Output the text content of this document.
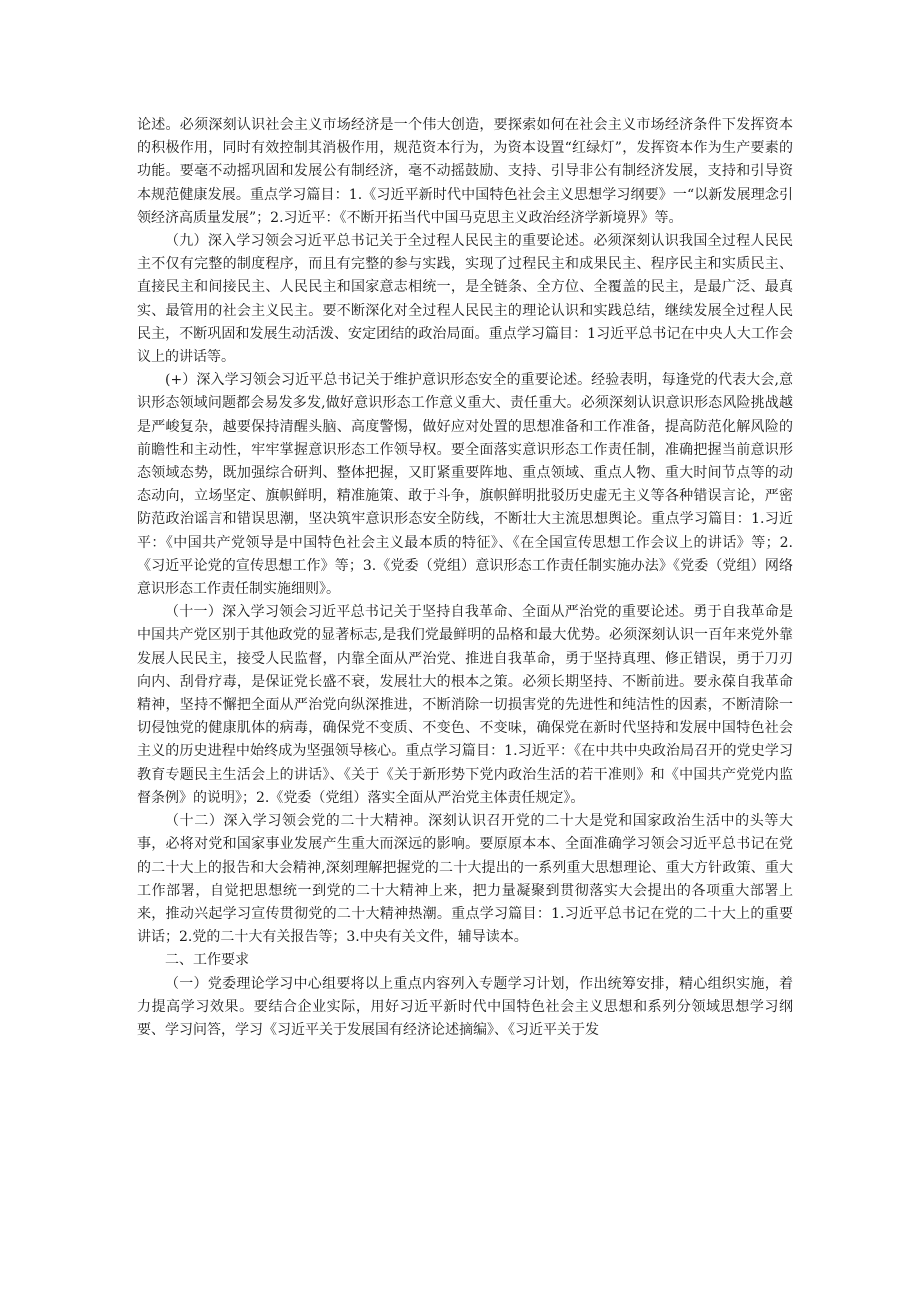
论述。必须深刻认识社会主义市场经济是一个伟大创造，要探索如何在社会主义市场经济条件下发挥资本的积极作用，同时有效控制其消极作用，规范资本行为，为资本设置“红绿灯”，发挥资本作为生产要素的功能。要毫不动摇巩固和发展公有制经济，毫不动摇鼓励、支持、引导非公有制经济发展，支持和引导资本规范健康发展。重点学习篇目：1.《习近平新时代中国特色社会主义思想学习纲要》一“以新发展理念引领经济高质量发展”；2.习近平：《不断开拓当代中国马克思主义政治经济学新境界》等。

（九）深入学习领会习近平总书记关于全过程人民民主的重要论述。必须深刻认识我国全过程人民民主不仅有完整的制度程序，而且有完整的参与实践，实现了过程民主和成果民主、程序民主和实质民主、直接民主和间接民主、人民民主和国家意志相统一，是全链条、全方位、全覆盖的民主，是最广泛、最真实、最管用的社会主义民主。要不断深化对全过程人民民主的理论认识和实践总结，继续发展全过程人民民主，不断巩固和发展生动活泼、安定团结的政治局面。重点学习篇目：1习近平总书记在中央人大工作会议上的讲话等。

(+）深入学习领会习近平总书记关于维护意识形态安全的重要论述。经验表明，每逢党的代表大会,意识形态领域问题都会易发多发,做好意识形态工作意义重大、责任重大。必须深刻认识意识形态风险挑战越是严峻复杂，越要保持清醒头脑、高度警惕，做好应对处置的思想准备和工作准备，提高防范化解风险的前瞻性和主动性，牢牢掌握意识形态工作领导权。要全面落实意识形态工作责任制，准确把握当前意识形态领域态势，既加强综合研判、整体把握，又盯紧重要阵地、重点领域、重点人物、重大时间节点等的动态动向，立场坚定、旗帜鲜明，精准施策、敢于斗争，旗帜鲜明批驳历史虚无主义等各种错误言论，严密防范政治谣言和错误思潮，坚决筑牢意识形态安全防线，不断壮大主流思想舆论。重点学习篇目：1.习近平：《中国共产党领导是中国特色社会主义最本质的特征》、《在全国宣传思想工作会议上的讲话》等；2.《习近平论党的宣传思想工作》等；3.《党委（党组）意识形态工作责任制实施办法》《党委（党组）网络意识形态工作责任制实施细则》。

（十一）深入学习领会习近平总书记关于坚持自我革命、全面从严治党的重要论述。勇于自我革命是中国共产党区别于其他政党的显著标志,是我们党最鲜明的品格和最大优势。必须深刻认识一百年来党外靠发展人民民主，接受人民监督，内靠全面从严治党、推进自我革命，勇于坚持真理、修正错误，勇于刀刃向内、刮骨疗毒，是保证党长盛不衰，发展壮大的根本之策。必须长期坚持、不断前进。要永葆自我革命精神，坚持不懈把全面从严治党向纵深推进，不断消除一切损害党的先进性和纯洁性的因素，不断清除一切侵蚀党的健康肌体的病毒，确保党不变质、不变色、不变味，确保党在新时代坚持和发展中国特色社会主义的历史进程中始终成为坚强领导核心。重点学习篇目：1.习近平：《在中共中央政治局召开的党史学习教育专题民主生活会上的讲话》、《关于《关于新形势下党内政治生活的若干准则》和《中国共产党党内监督条例》的说明》；2.《党委（党组）落实全面从严治党主体责任规定》。

（十二）深入学习领会党的二十大精神。深刻认识召开党的二十大是党和国家政治生活中的头等大事，必将对党和国家事业发展产生重大而深远的影响。要原原本本、全面准确学习领会习近平总书记在党的二十大上的报告和大会精神,深刻理解把握党的二十大提出的一系列重大思想理论、重大方针政策、重大工作部署，自觉把思想统一到党的二十大精神上来，把力量凝聚到贯彻落实大会提出的各项重大部署上来，推动兴起学习宣传贯彻党的二十大精神热潮。重点学习篇目：1.习近平总书记在党的二十大上的重要讲话；2.党的二十大有关报告等；3.中央有关文件，辅导读本。

二、工作要求

（一）党委理论学习中心组要将以上重点内容列入专题学习计划，作出统筹安排，精心组织实施，着力提高学习效果。要结合企业实际，用好习近平新时代中国特色社会主义思想和系列分领域思想学习纲要、学习问答，学习《习近平关于发展国有经济论述摘编》、《习近平关于发
